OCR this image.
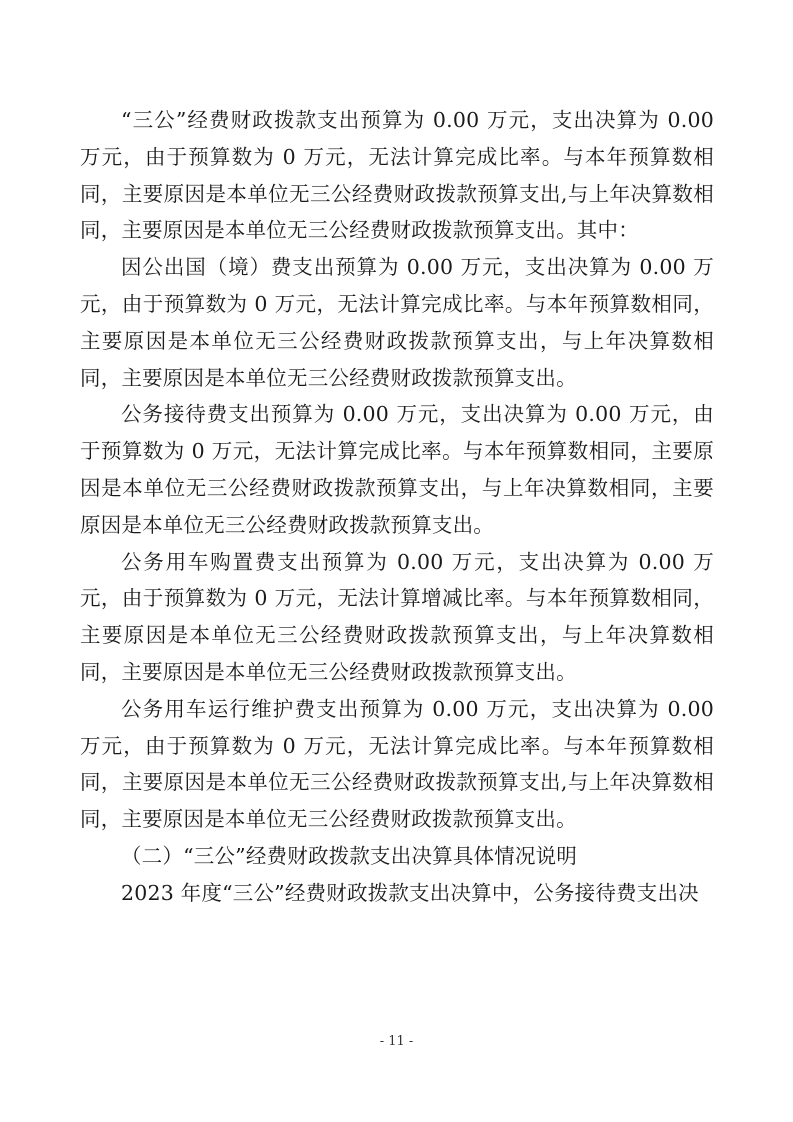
“三公”经费财政拨款支出预算为 0.00 万元，支出决算为 0.00 万元，由于预算数为 0 万元，无法计算完成比率。与本年预算数相同，主要原因是本单位无三公经费财政拨款预算支出,与上年决算数相同，主要原因是本单位无三公经费财政拨款预算支出。其中：

因公出国（境）费支出预算为 0.00 万元，支出决算为 0.00 万元，由于预算数为 0 万元，无法计算完成比率。与本年预算数相同，主要原因是本单位无三公经费财政拨款预算支出，与上年决算数相同，主要原因是本单位无三公经费财政拨款预算支出。

公务接待费支出预算为 0.00 万元，支出决算为 0.00 万元，由于预算数为 0 万元，无法计算完成比率。与本年预算数相同，主要原因是本单位无三公经费财政拨款预算支出，与上年决算数相同，主要原因是本单位无三公经费财政拨款预算支出。

公务用车购置费支出预算为 0.00 万元，支出决算为 0.00 万元，由于预算数为 0 万元，无法计算增减比率。与本年预算数相同，主要原因是本单位无三公经费财政拨款预算支出，与上年决算数相同，主要原因是本单位无三公经费财政拨款预算支出。

公务用车运行维护费支出预算为 0.00 万元，支出决算为 0.00 万元，由于预算数为 0 万元，无法计算完成比率。与本年预算数相同，主要原因是本单位无三公经费财政拨款预算支出,与上年决算数相同，主要原因是本单位无三公经费财政拨款预算支出。

（二）“三公”经费财政拨款支出决算具体情况说明

2023 年度“三公”经费财政拨款支出决算中，公务接待费支出决

- 11 -
